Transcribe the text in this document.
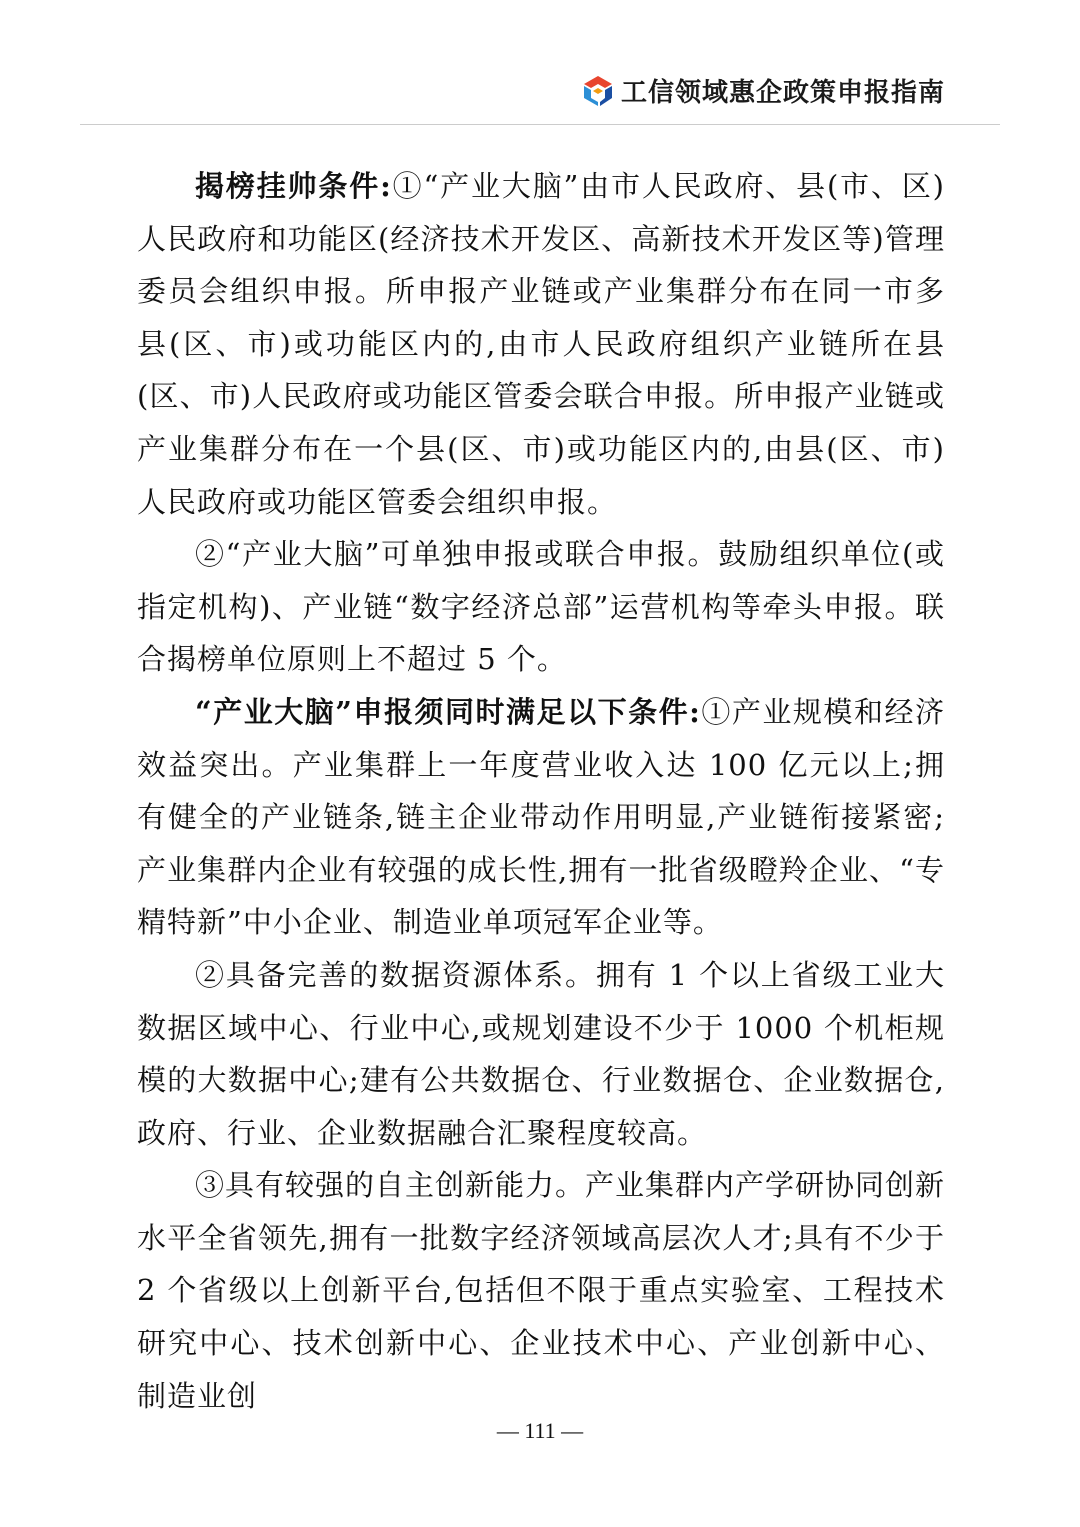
工信领域惠企政策申报指南

揭榜挂帅条件:①“产业大脑”由市人民政府、县(市、区)人民政府和功能区(经济技术开发区、高新技术开发区等)管理委员会组织申报。所申报产业链或产业集群分布在同一市多县(区、市)或功能区内的,由市人民政府组织产业链所在县(区、市)人民政府或功能区管委会联合申报。所申报产业链或产业集群分布在一个县(区、市)或功能区内的,由县(区、市)人民政府或功能区管委会组织申报。

②“产业大脑”可单独申报或联合申报。鼓励组织单位(或指定机构)、产业链“数字经济总部”运营机构等牵头申报。联合揭榜单位原则上不超过 5 个。

“产业大脑”申报须同时满足以下条件:①产业规模和经济效益突出。产业集群上一年度营业收入达 100 亿元以上;拥有健全的产业链条,链主企业带动作用明显,产业链衔接紧密;产业集群内企业有较强的成长性,拥有一批省级瞪羚企业、“专精特新”中小企业、制造业单项冠军企业等。

②具备完善的数据资源体系。拥有 1 个以上省级工业大数据区域中心、行业中心,或规划建设不少于 1000 个机柜规模的大数据中心;建有公共数据仓、行业数据仓、企业数据仓,政府、行业、企业数据融合汇聚程度较高。

③具有较强的自主创新能力。产业集群内产学研协同创新水平全省领先,拥有一批数字经济领域高层次人才;具有不少于 2 个省级以上创新平台,包括但不限于重点实验室、工程技术研究中心、技术创新中心、企业技术中心、产业创新中心、制造业创

— 111 —
